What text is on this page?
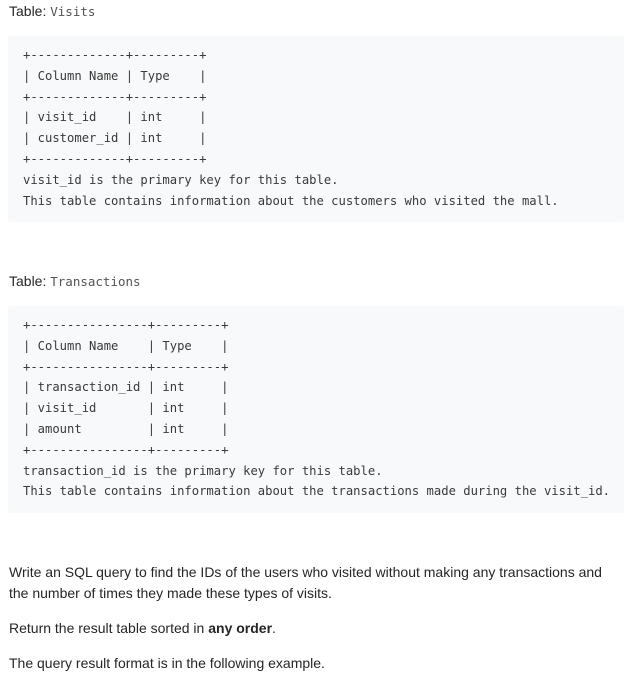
Table: Visits

+-------------+---------+
| Column Name | Type    |
+-------------+---------+
| visit_id    | int     |
| customer_id | int     |
+-------------+---------+
visit_id is the primary key for this table.
This table contains information about the customers who visited the mall.

Table: Transactions

+----------------+---------+
| Column Name    | Type    |
+----------------+---------+
| transaction_id | int     |
| visit_id       | int     |
| amount         | int     |
+----------------+---------+
transaction_id is the primary key for this table.
This table contains information about the transactions made during the visit_id.

Write an SQL query to find the IDs of the users who visited without making any transactions and the number of times they made these types of visits.

Return the result table sorted in any order.

The query result format is in the following example.
